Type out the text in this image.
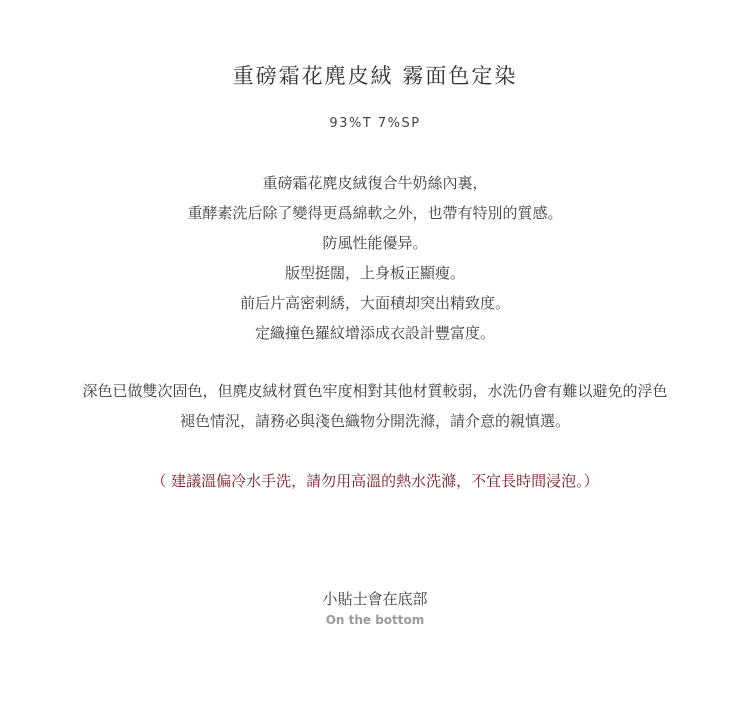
重磅霜花麂皮絨 霧面色定染
93%T 7%SP
重磅霜花麂皮絨復合牛奶絲內裏，
重酵素洗后除了變得更爲綿軟之外，也帶有特別的質感。
防風性能優异。
版型挺闊，上身板正顯瘦。
前后片高密刺綉，大面積却突出精致度。
定織撞色羅紋增添成衣設計豐富度。
深色已做雙次固色，但麂皮絨材質色牢度相對其他材質較弱，水洗仍會有難以避免的浮色
褪色情況，請務必與淺色織物分開洗滌，請介意的親慎選。
（ 建議溫偏冷水手洗，請勿用高溫的熱水洗滌，不宜長時間浸泡。）
小貼士會在底部
On the bottom
